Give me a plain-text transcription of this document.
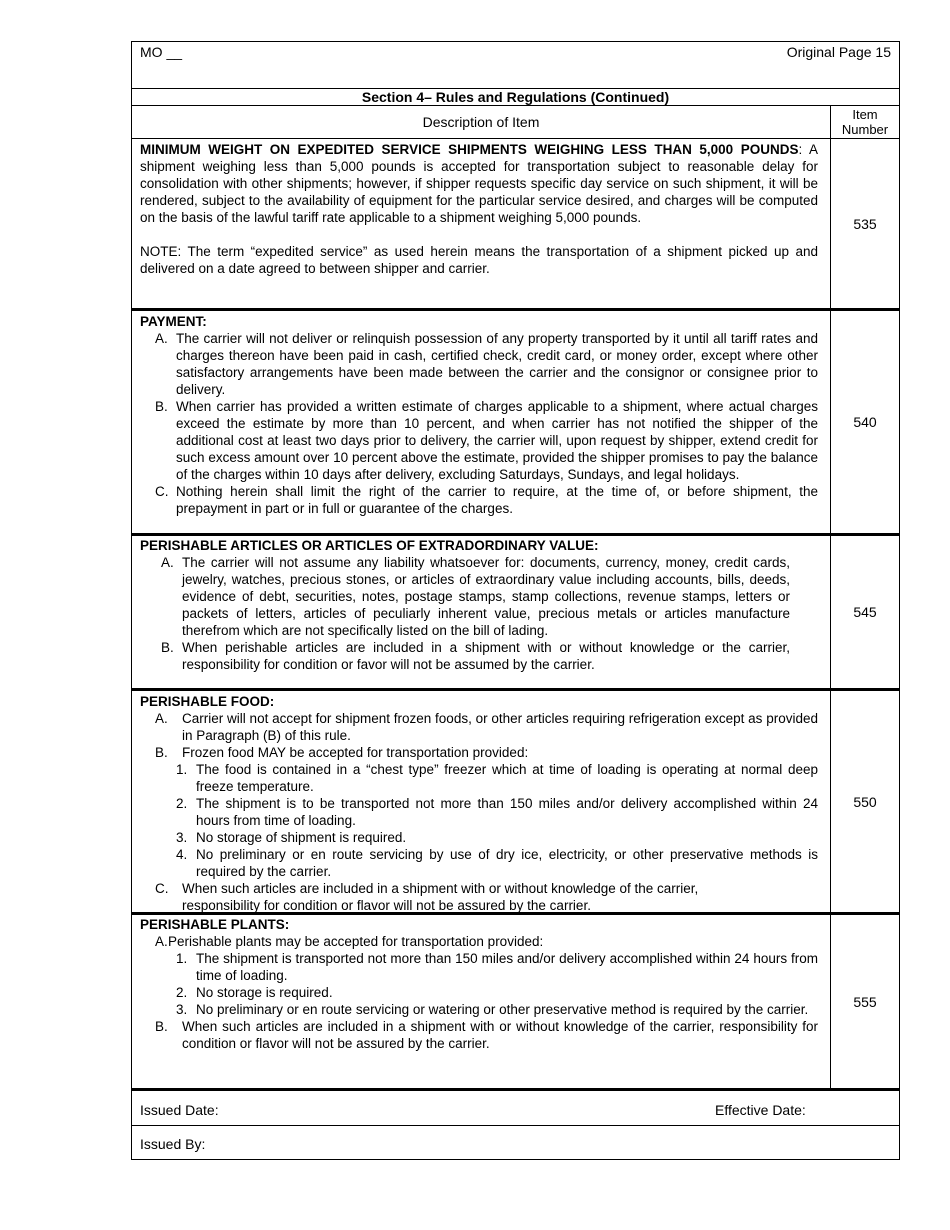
MO __	Original Page 15
Section 4– Rules and Regulations (Continued)
Description of Item	Item
Number

MINIMUM WEIGHT ON EXPEDITED SERVICE SHIPMENTS WEIGHING LESS THAN 5,000 POUNDS: A shipment weighing less than 5,000 pounds is accepted for transportation subject to reasonable delay for consolidation with other shipments; however, if shipper requests specific day service on such shipment, it will be rendered, subject to the availability of equipment for the particular service desired, and charges will be computed on the basis of the lawful tariff rate applicable to a shipment weighing 5,000 pounds.

NOTE: The term “expedited service” as used herein means the transportation of a shipment picked up and delivered on a date agreed to between shipper and carrier.

535
PAYMENT:
A. The carrier will not deliver or relinquish possession of any property transported by it until all tariff rates and charges thereon have been paid in cash, certified check, credit card, or money order, except where other satisfactory arrangements have been made between the carrier and the consignor or consignee prior to delivery.
B. When carrier has provided a written estimate of charges applicable to a shipment, where actual charges exceed the estimate by more than 10 percent, and when carrier has not notified the shipper of the additional cost at least two days prior to delivery, the carrier will, upon request by shipper, extend credit for such excess amount over 10 percent above the estimate, provided the shipper promises to pay the balance of the charges within 10 days after delivery, excluding Saturdays, Sundays, and legal holidays.
C. Nothing herein shall limit the right of the carrier to require, at the time of, or before shipment, the prepayment in part or in full or guarantee of the charges.
540
PERISHABLE ARTICLES OR ARTICLES OF EXTRADORDINARY VALUE:
A. The carrier will not assume any liability whatsoever for: documents, currency, money, credit cards, jewelry, watches, precious stones, or articles of extraordinary value including accounts, bills, deeds, evidence of debt, securities, notes, postage stamps, stamp collections, revenue stamps, letters or packets of letters, articles of peculiarly inherent value, precious metals or articles manufacture therefrom which are not specifically listed on the bill of lading.
B. When perishable articles are included in a shipment with or without knowledge or the carrier, responsibility for condition or favor will not be assumed by the carrier.
545
PERISHABLE FOOD:
A. Carrier will not accept for shipment frozen foods, or other articles requiring refrigeration except as provided in Paragraph (B) of this rule.
B. Frozen food MAY be accepted for transportation provided:
1. The food is contained in a “chest type” freezer which at time of loading is operating at normal deep freeze temperature.
2. The shipment is to be transported not more than 150 miles and/or delivery accomplished within 24 hours from time of loading.
3. No storage of shipment is required.
4. No preliminary or en route servicing by use of dry ice, electricity, or other preservative methods is required by the carrier.
C. When such articles are included in a shipment with or without knowledge of the carrier, responsibility for condition or flavor will not be assured by the carrier.
550
PERISHABLE PLANTS:
A. Perishable plants may be accepted for transportation provided:
1. The shipment is transported not more than 150 miles and/or delivery accomplished within 24 hours from time of loading.
2. No storage is required.
3. No preliminary or en route servicing or watering or other preservative method is required by the carrier.
B. When such articles are included in a shipment with or without knowledge of the carrier, responsibility for condition or flavor will not be assured by the carrier.
555
Issued Date:	Effective Date:
Issued By:
